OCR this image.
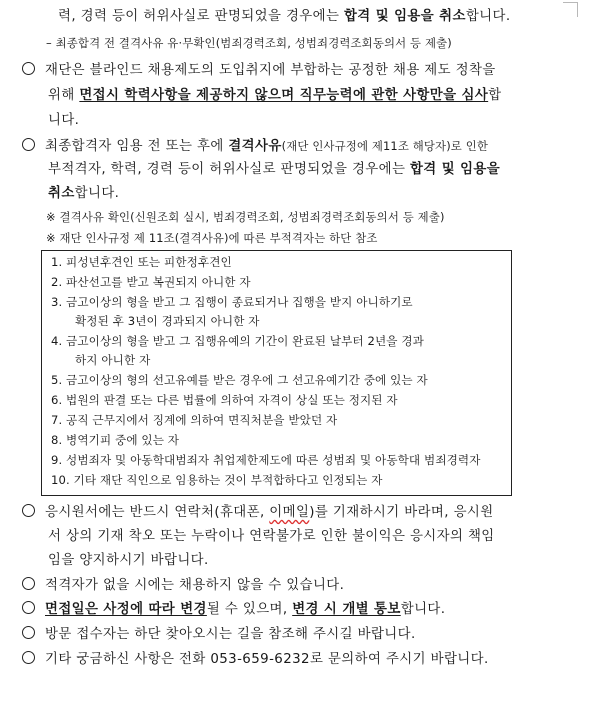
력, 경력 등이 허위사실로 판명되었을 경우에는 합격 및 임용을 취소합니다.
– 최종합격 전 결격사유 유·무확인(범죄경력조회, 성범죄경력조회동의서 등 제출)
재단은 블라인드 채용제도의 도입취지에 부합하는 공정한 채용 제도 정착을
위해 면접시 학력사항을 제공하지 않으며 직무능력에 관한 사항만을 심사합
니다.
최종합격자 임용 전 또는 후에 결격사유(재단 인사규정에 제11조 해당자)로 인한
부적격자, 학력, 경력 등이 허위사실로 판명되었을 경우에는 합격 및 임용을
취소합니다.
※ 결격사유 확인(신원조회 실시, 범죄경력조회, 성범죄경력조회동의서 등 제출)
※ 재단 인사규정 제 11조(결격사유)에 따른 부적격자는 하단 참조
1. 피성년후견인 또는 피한정후견인
2. 파산선고를 받고 복권되지 아니한 자
3. 금고이상의 형을 받고 그 집행이 종료되거나 집행을 받지 아니하기로
확정된 후 3년이 경과되지 아니한 자
4. 금고이상의 형을 받고 그 집행유예의 기간이 완료된 날부터 2년을 경과
하지 아니한 자
5. 금고이상의 형의 선고유예를 받은 경우에 그 선고유예기간 중에 있는 자
6. 법원의 판결 또는 다른 법률에 의하여 자격이 상실 또는 정지된 자
7. 공직 근무지에서 징계에 의하여 면직처분을 받았던 자
8. 병역기피 중에 있는 자
9. 성범죄자 및 아동학대범죄자 취업제한제도에 따른 성범죄 및 아동학대 범죄경력자
10. 기타 재단 직인으로 임용하는 것이 부적합하다고 인정되는 자
응시원서에는 반드시 연락처(휴대폰, 이메일)를 기재하시기 바라며, 응시원
서 상의 기재 착오 또는 누락이나 연락불가로 인한 불이익은 응시자의 책임
임을 양지하시기 바랍니다.
적격자가 없을 시에는 채용하지 않을 수 있습니다.
면접일은 사정에 따라 변경될 수 있으며, 변경 시 개별 통보합니다.
방문 접수자는 하단 찾아오시는 길을 참조해 주시길 바랍니다.
기타 궁금하신 사항은 전화 053-659-6232로 문의하여 주시기 바랍니다.
